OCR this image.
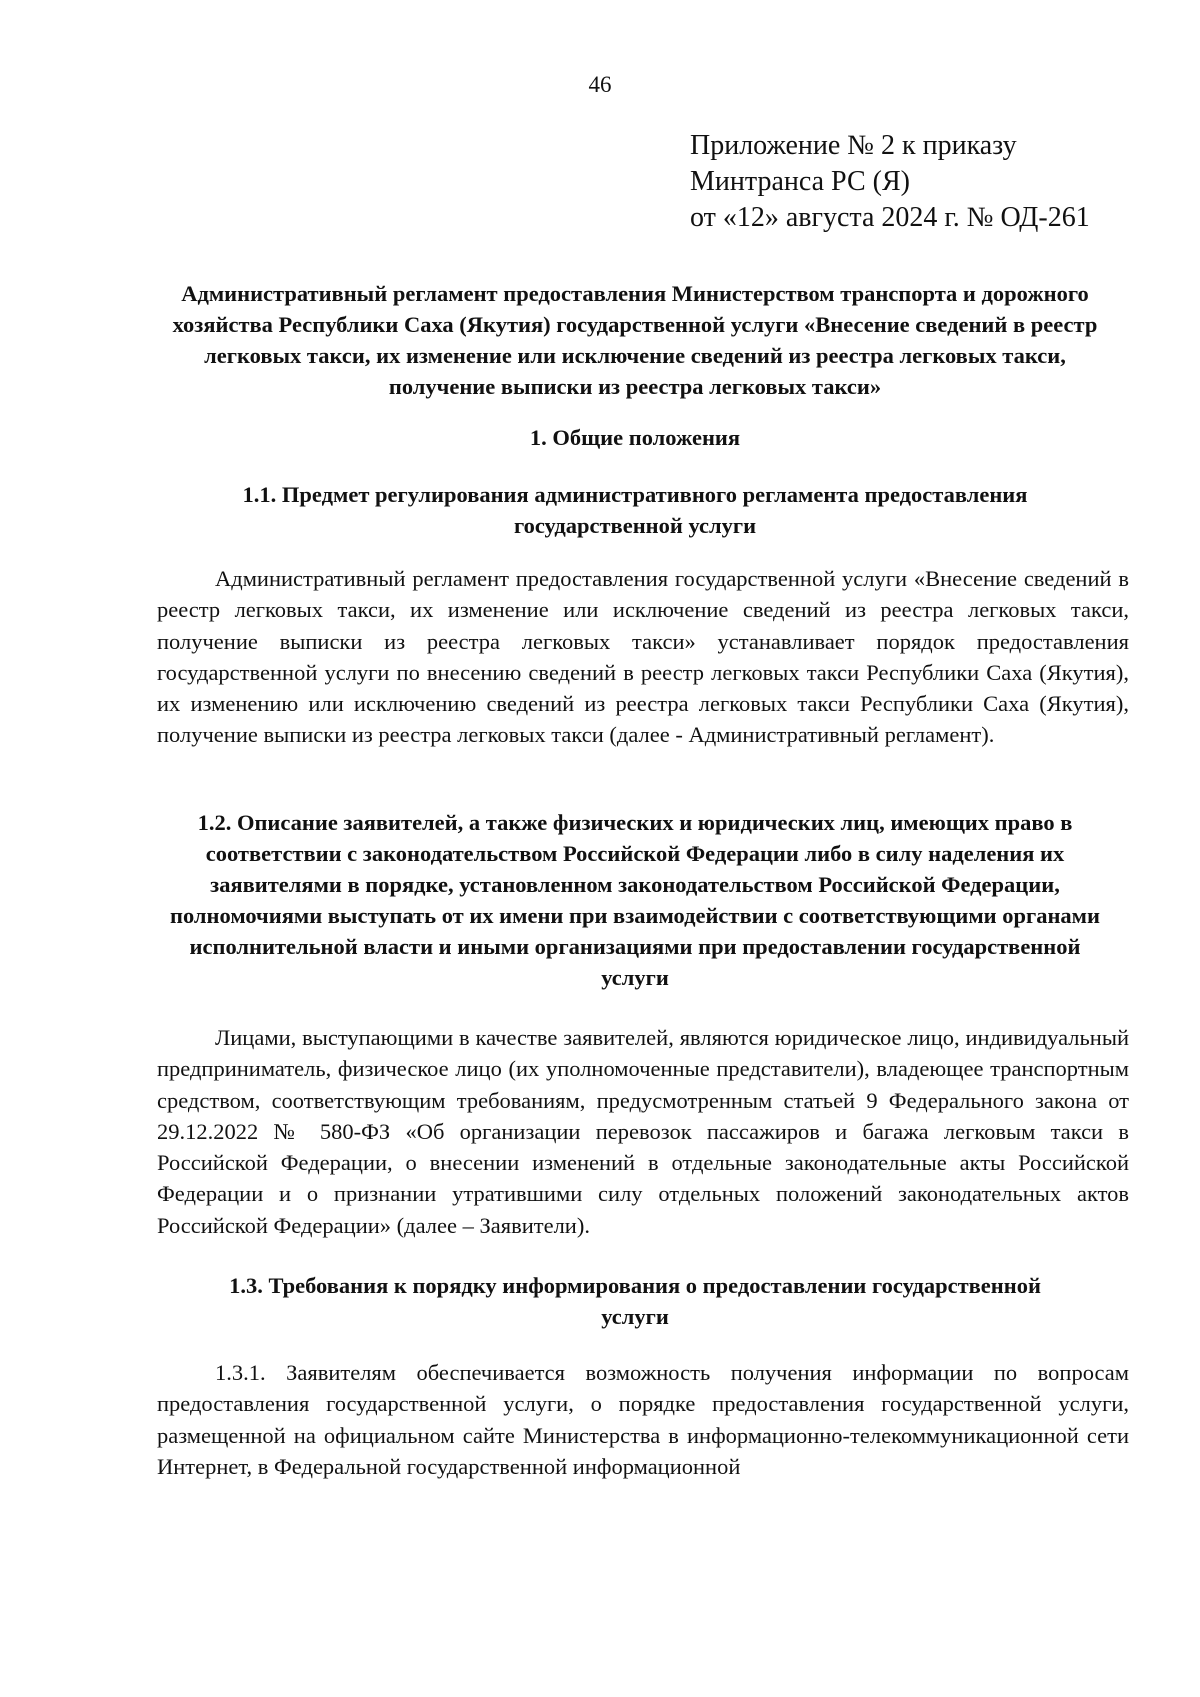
46
Приложение № 2 к приказу
Минтранса РС (Я)
от «12» августа 2024 г. № ОД-261
Административный регламент предоставления Министерством транспорта и дорожного хозяйства Республики Саха (Якутия) государственной услуги «Внесение сведений в реестр легковых такси, их изменение или исключение сведений из реестра легковых такси, получение выписки из реестра легковых такси»
1. Общие положения
1.1. Предмет регулирования административного регламента предоставления государственной услуги
Административный регламент предоставления государственной услуги «Внесение сведений в реестр легковых такси, их изменение или исключение сведений из реестра легковых такси, получение выписки из реестра легковых такси» устанавливает порядок предоставления государственной услуги по внесению сведений в реестр легковых такси Республики Саха (Якутия), их изменению или исключению сведений из реестра легковых такси Республики Саха (Якутия), получение выписки из реестра легковых такси (далее - Административный регламент).
1.2. Описание заявителей, а также физических и юридических лиц, имеющих право в соответствии с законодательством Российской Федерации либо в силу наделения их заявителями в порядке, установленном законодательством Российской Федерации, полномочиями выступать от их имени при взаимодействии с соответствующими органами исполнительной власти и иными организациями при предоставлении государственной услуги
Лицами, выступающими в качестве заявителей, являются юридическое лицо, индивидуальный предприниматель, физическое лицо (их уполномоченные представители), владеющее транспортным средством, соответствующим требованиям, предусмотренным статьей 9 Федерального закона от 29.12.2022 № 580-ФЗ «Об организации перевозок пассажиров и багажа легковым такси в Российской Федерации, о внесении изменений в отдельные законодательные акты Российской Федерации и о признании утратившими силу отдельных положений законодательных актов Российской Федерации» (далее – Заявители).
1.3. Требования к порядку информирования о предоставлении государственной услуги
1.3.1. Заявителям обеспечивается возможность получения информации по вопросам предоставления государственной услуги, о порядке предоставления государственной услуги, размещенной на официальном сайте Министерства в информационно-телекоммуникационной сети Интернет, в Федеральной государственной информационной
